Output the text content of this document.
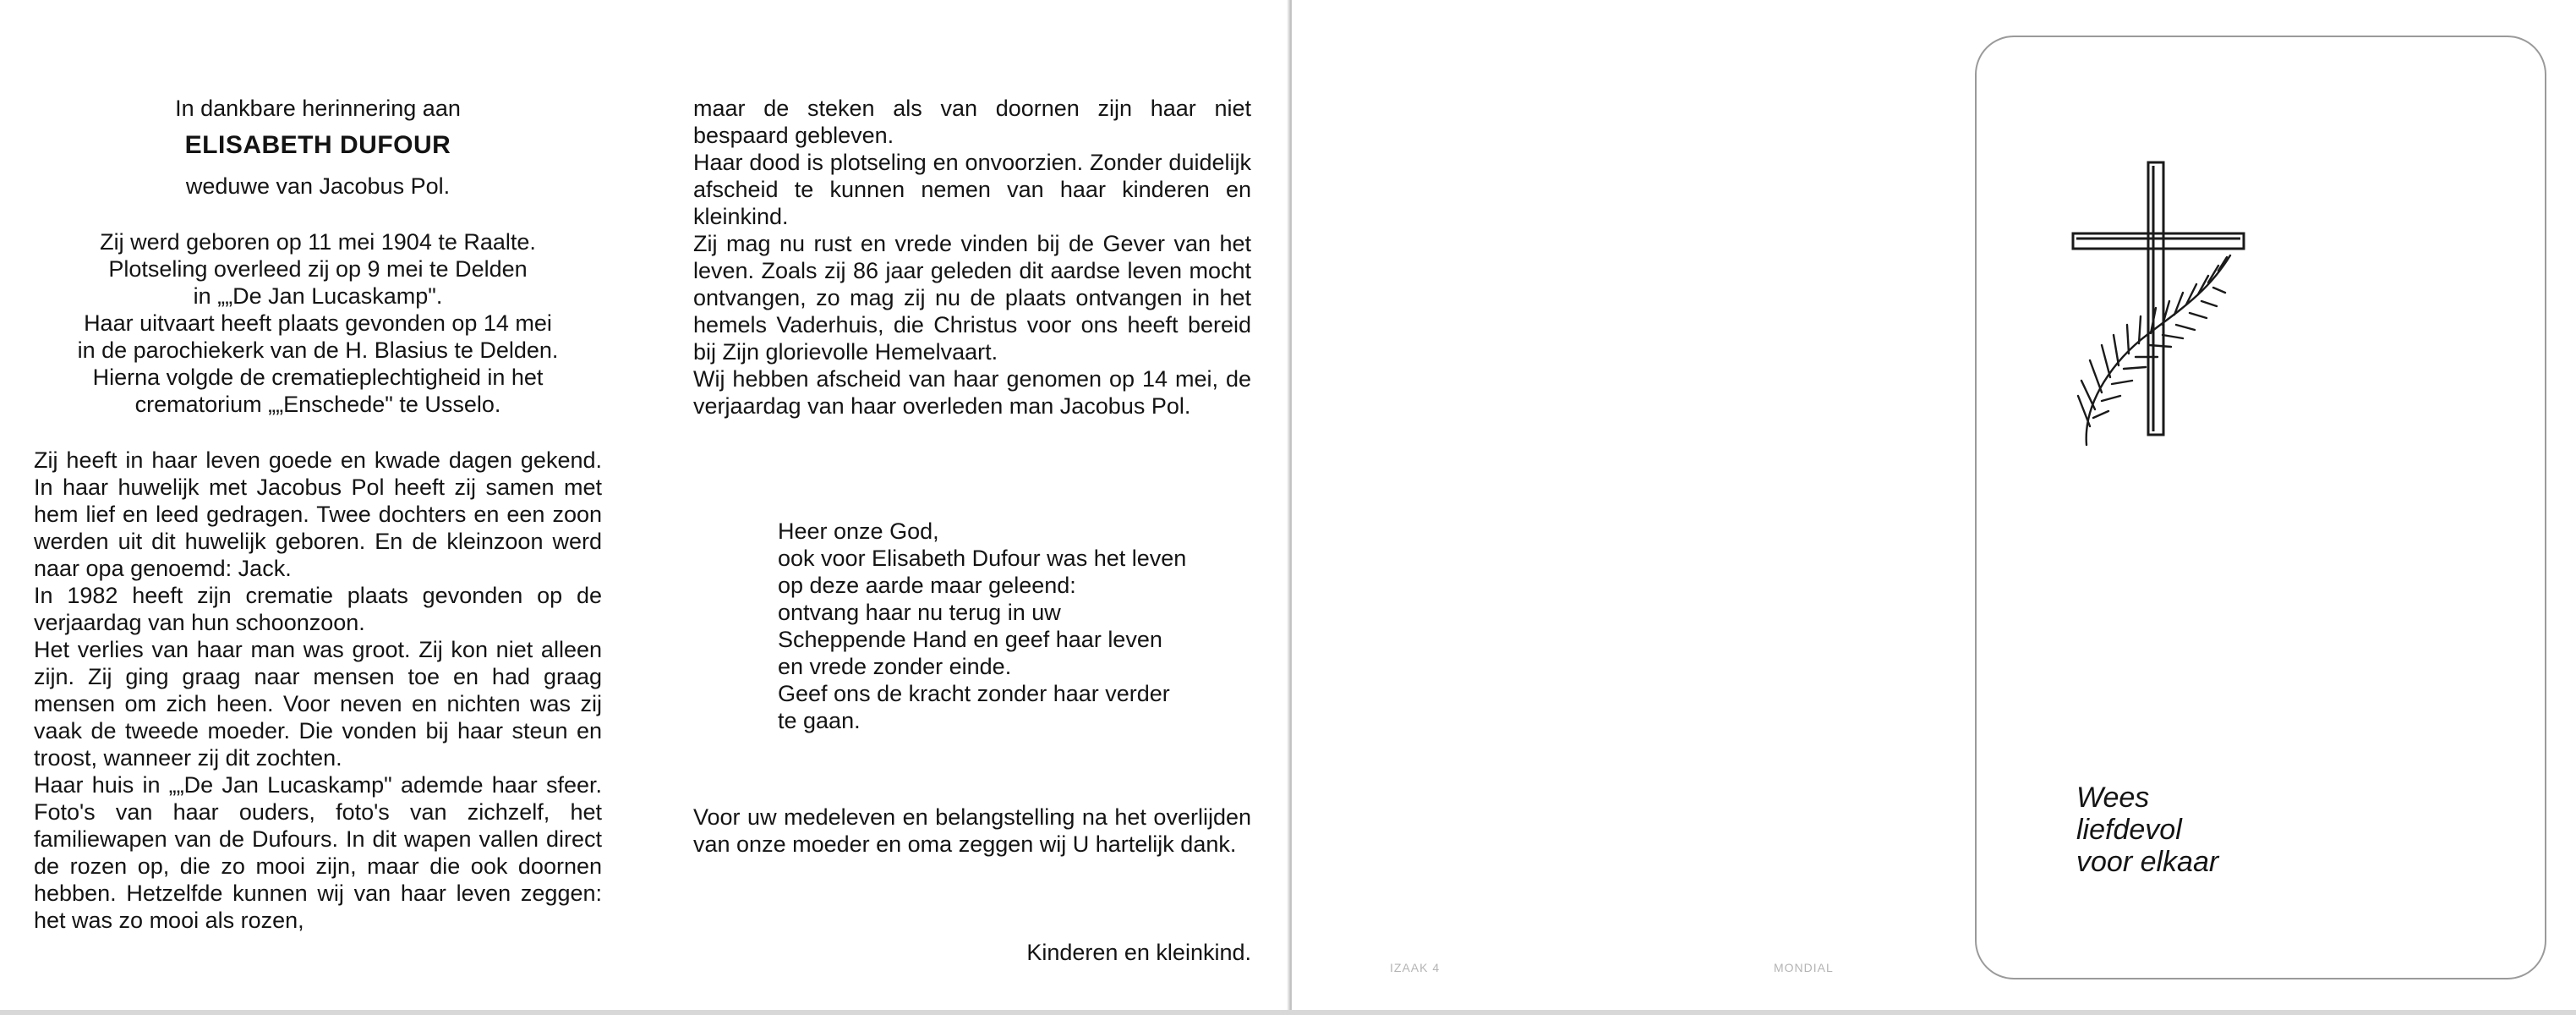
In dankbare herinnering aan
ELISABETH DUFOUR
weduwe van Jacobus Pol.
Zij werd geboren op 11 mei 1904 te Raalte.
Plotseling overleed zij op 9 mei te Delden
in „„De Jan Lucaskamp".
Haar uitvaart heeft plaats gevonden op 14 mei
in de parochiekerk van de H. Blasius te Delden.
Hierna volgde de crematieplechtigheid in het
crematorium „„Enschede" te Usselo.

Zij heeft in haar leven goede en kwade dagen gekend. In haar huwelijk met Jacobus Pol heeft zij samen met hem lief en leed gedragen. Twee dochters en een zoon werden uit dit huwelijk geboren. En de kleinzoon werd naar opa genoemd: Jack.

In 1982 heeft zijn crematie plaats gevonden op de verjaardag van hun schoonzoon.

Het verlies van haar man was groot. Zij kon niet alleen zijn. Zij ging graag naar mensen toe en had graag mensen om zich heen. Voor neven en nichten was zij vaak de tweede moeder. Die vonden bij haar steun en troost, wanneer zij dit zochten.

Haar huis in „„De Jan Lucaskamp" ademde haar sfeer. Foto's van haar ouders, foto's van zichzelf, het familiewapen van de Dufours. In dit wapen vallen direct de rozen op, die zo mooi zijn, maar die ook doornen hebben. Hetzelfde kunnen wij van haar leven zeggen: het was zo mooi als rozen,

maar de steken als van doornen zijn haar niet bespaard gebleven.

Haar dood is plotseling en onvoorzien. Zonder duidelijk afscheid te kunnen nemen van haar kinderen en kleinkind.

Zij mag nu rust en vrede vinden bij de Gever van het leven. Zoals zij 86 jaar geleden dit aardse leven mocht ontvangen, zo mag zij nu de plaats ontvangen in het hemels Vaderhuis, die Christus voor ons heeft bereid bij Zijn glorievolle Hemelvaart.

Wij hebben afscheid van haar genomen op 14 mei, de verjaardag van haar overleden man Jacobus Pol.

Heer onze God,
ook voor Elisabeth Dufour was het leven
op deze aarde maar geleend:
ontvang haar nu terug in uw
Scheppende Hand en geef haar leven
en vrede zonder einde.
Geef ons de kracht zonder haar verder
te gaan.

Voor uw medeleven en belangstelling na het overlijden van onze moeder en oma zeggen wij U hartelijk dank.

Kinderen en kleinkind.
IZAAK 4	MONDIAL
Wees
liefdevol
voor elkaar
